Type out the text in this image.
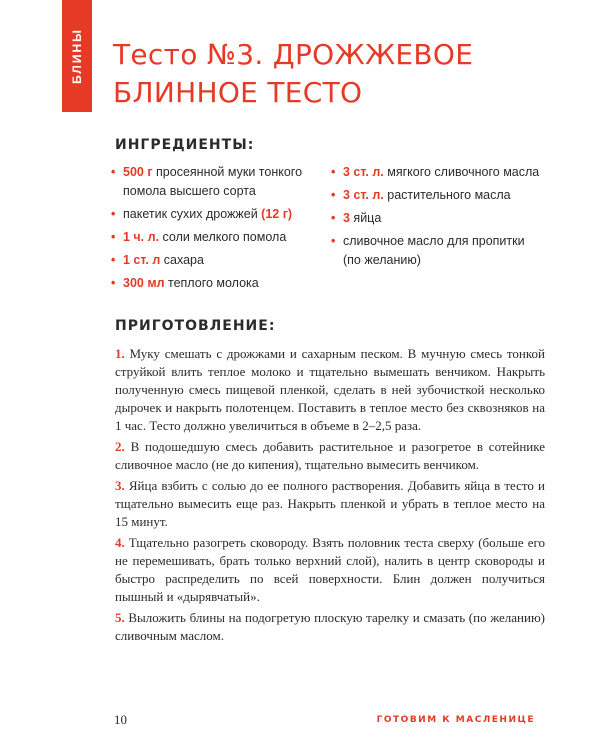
БЛИНЫ Тесто №3. ДРОЖЖЕВОЕ
БЛИННОЕ ТЕСТО
ИНГРЕДИЕНТЫ:
• 500 г просеянной муки тонкого помола высшего сорта
• пакетик сухих дрожжей (12 г)
• 1 ч. л. соли мелкого помола
• 1 ст. л сахара
• 300 мл теплого молока
• 3 ст. л. мягкого сливочного масла
• 3 ст. л. растительного масла
• 3 яйца
• сливочное масло для пропитки (по желанию)
ПРИГОТОВЛЕНИЕ:

1. Муку смешать с дрожжами и сахарным песком. В мучную смесь тонкой струйкой влить теплое молоко и тщательно вымешать венчиком. Накрыть полученную смесь пищевой пленкой, сделать в ней зубочисткой несколько дырочек и накрыть полотенцем. Поставить в теплое место без сквозняков на 1 час. Тесто должно увеличиться в объеме в 2–2,5 раза.

2. В подошедшую смесь добавить растительное и разогретое в сотейнике сливочное масло (не до кипения), тщательно вымесить венчиком.

3. Яйца взбить с солью до ее полного растворения. Добавить яйца в тесто и тщательно вымесить еще раз. Накрыть пленкой и убрать в теплое место на 15 минут.

4. Тщательно разогреть сковороду. Взять половник теста сверху (больше его не перемешивать, брать только верхний слой), налить в центр сковороды и быстро распределить по всей поверхности. Блин должен получиться пышный и «дырявчатый».

5. Выложить блины на подогретую плоскую тарелку и смазать (по желанию) сливочным маслом.

10	ГОТОВИМ К МАСЛЕНИЦЕ
